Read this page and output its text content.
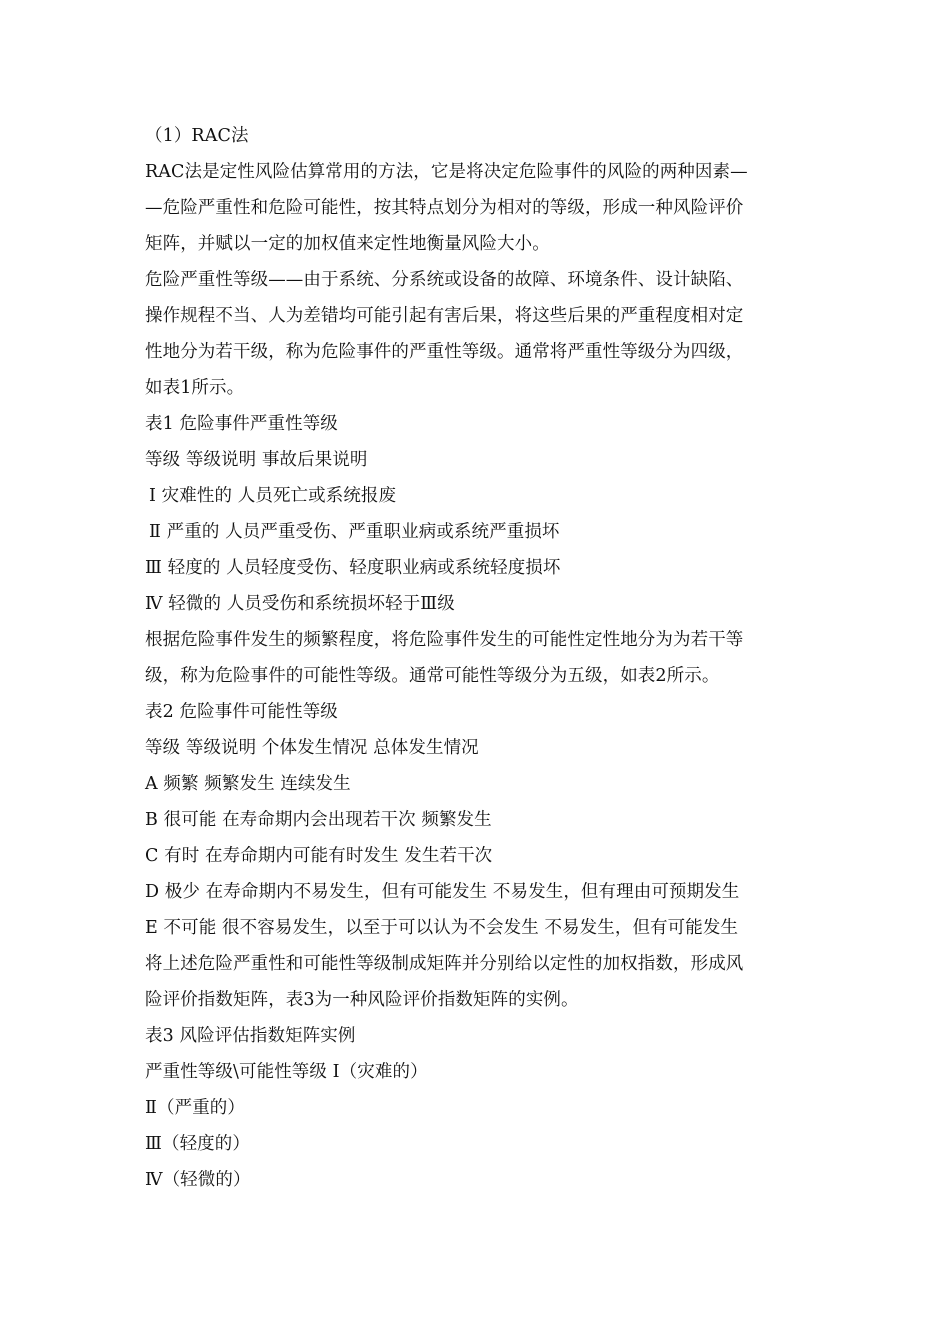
（1）RAC法
RAC法是定性风险估算常用的方法，它是将决定危险事件的风险的两种因素—
—危险严重性和危险可能性，按其特点划分为相对的等级，形成一种风险评价
矩阵，并赋以一定的加权值来定性地衡量风险大小。
危险严重性等级——由于系统、分系统或设备的故障、环境条件、设计缺陷、
操作规程不当、人为差错均可能引起有害后果，将这些后果的严重程度相对定
性地分为若干级，称为危险事件的严重性等级。通常将严重性等级分为四级，
如表1所示。
表1 危险事件严重性等级
等级 等级说明 事故后果说明
Ⅰ 灾难性的 人员死亡或系统报废
Ⅱ 严重的 人员严重受伤、严重职业病或系统严重损坏
Ⅲ 轻度的 人员轻度受伤、轻度职业病或系统轻度损坏
Ⅳ 轻微的 人员受伤和系统损坏轻于Ⅲ级
根据危险事件发生的频繁程度，将危险事件发生的可能性定性地分为为若干等
级，称为危险事件的可能性等级。通常可能性等级分为五级，如表2所示。
表2 危险事件可能性等级
等级 等级说明 个体发生情况 总体发生情况
A 频繁 频繁发生 连续发生
B 很可能 在寿命期内会出现若干次 频繁发生
C 有时 在寿命期内可能有时发生 发生若干次
D 极少 在寿命期内不易发生，但有可能发生 不易发生，但有理由可预期发生
E 不可能 很不容易发生，以至于可以认为不会发生 不易发生，但有可能发生
将上述危险严重性和可能性等级制成矩阵并分别给以定性的加权指数，形成风
险评价指数矩阵，表3为一种风险评价指数矩阵的实例。
表3 风险评估指数矩阵实例
严重性等级\可能性等级 Ⅰ（灾难的）
Ⅱ（严重的）
Ⅲ（轻度的）
Ⅳ（轻微的）
